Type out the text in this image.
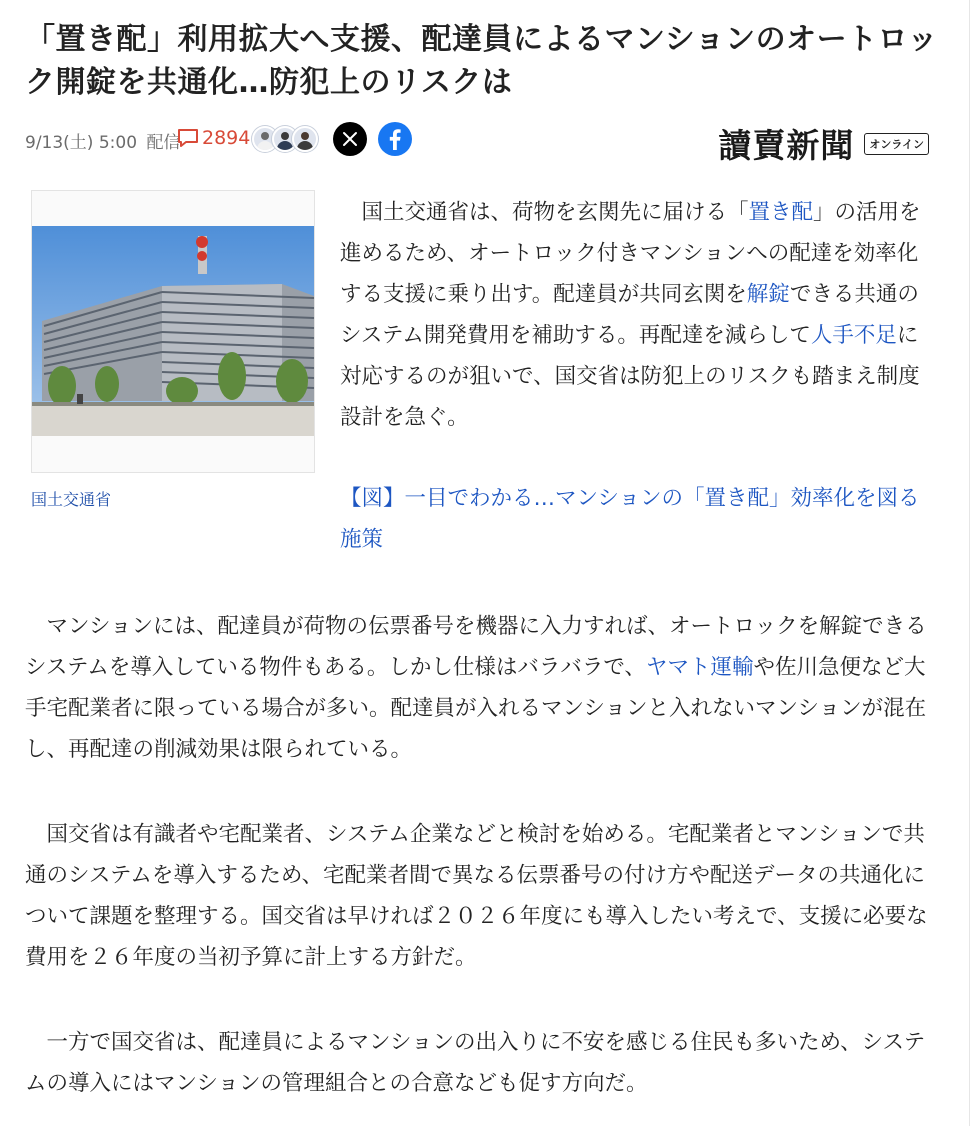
「置き配」利用拡大へ支援、配達員によるマンションのオートロック開錠を共通化…防犯上のリスクは
9/13(土) 5:00 配信 2894	讀賣新聞	オンライン
国土交通省

国土交通省は、荷物を玄関先に届ける「置き配」の活用を進めるため、オートロック付きマンションへの配達を効率化する支援に乗り出す。配達員が共同玄関を解錠できる共通のシステム開発費用を補助する。再配達を減らして人手不足に対応するのが狙いで、国交省は防犯上のリスクも踏まえ制度設計を急ぐ。

【図】一目でわかる…マンションの「置き配」効率化を図る施策

マンションには、配達員が荷物の伝票番号を機器に入力すれば、オートロックを解錠できるシステムを導入している物件もある。しかし仕様はバラバラで、ヤマト運輸や佐川急便など大手宅配業者に限っている場合が多い。配達員が入れるマンションと入れないマンションが混在し、再配達の削減効果は限られている。

国交省は有識者や宅配業者、システム企業などと検討を始める。宅配業者とマンションで共通のシステムを導入するため、宅配業者間で異なる伝票番号の付け方や配送データの共通化について課題を整理する。国交省は早ければ２０２６年度にも導入したい考えで、支援に必要な費用を２６年度の当初予算に計上する方針だ。

一方で国交省は、配達員によるマンションの出入りに不安を感じる住民も多いため、システムの導入にはマンションの管理組合との合意なども促す方向だ。
